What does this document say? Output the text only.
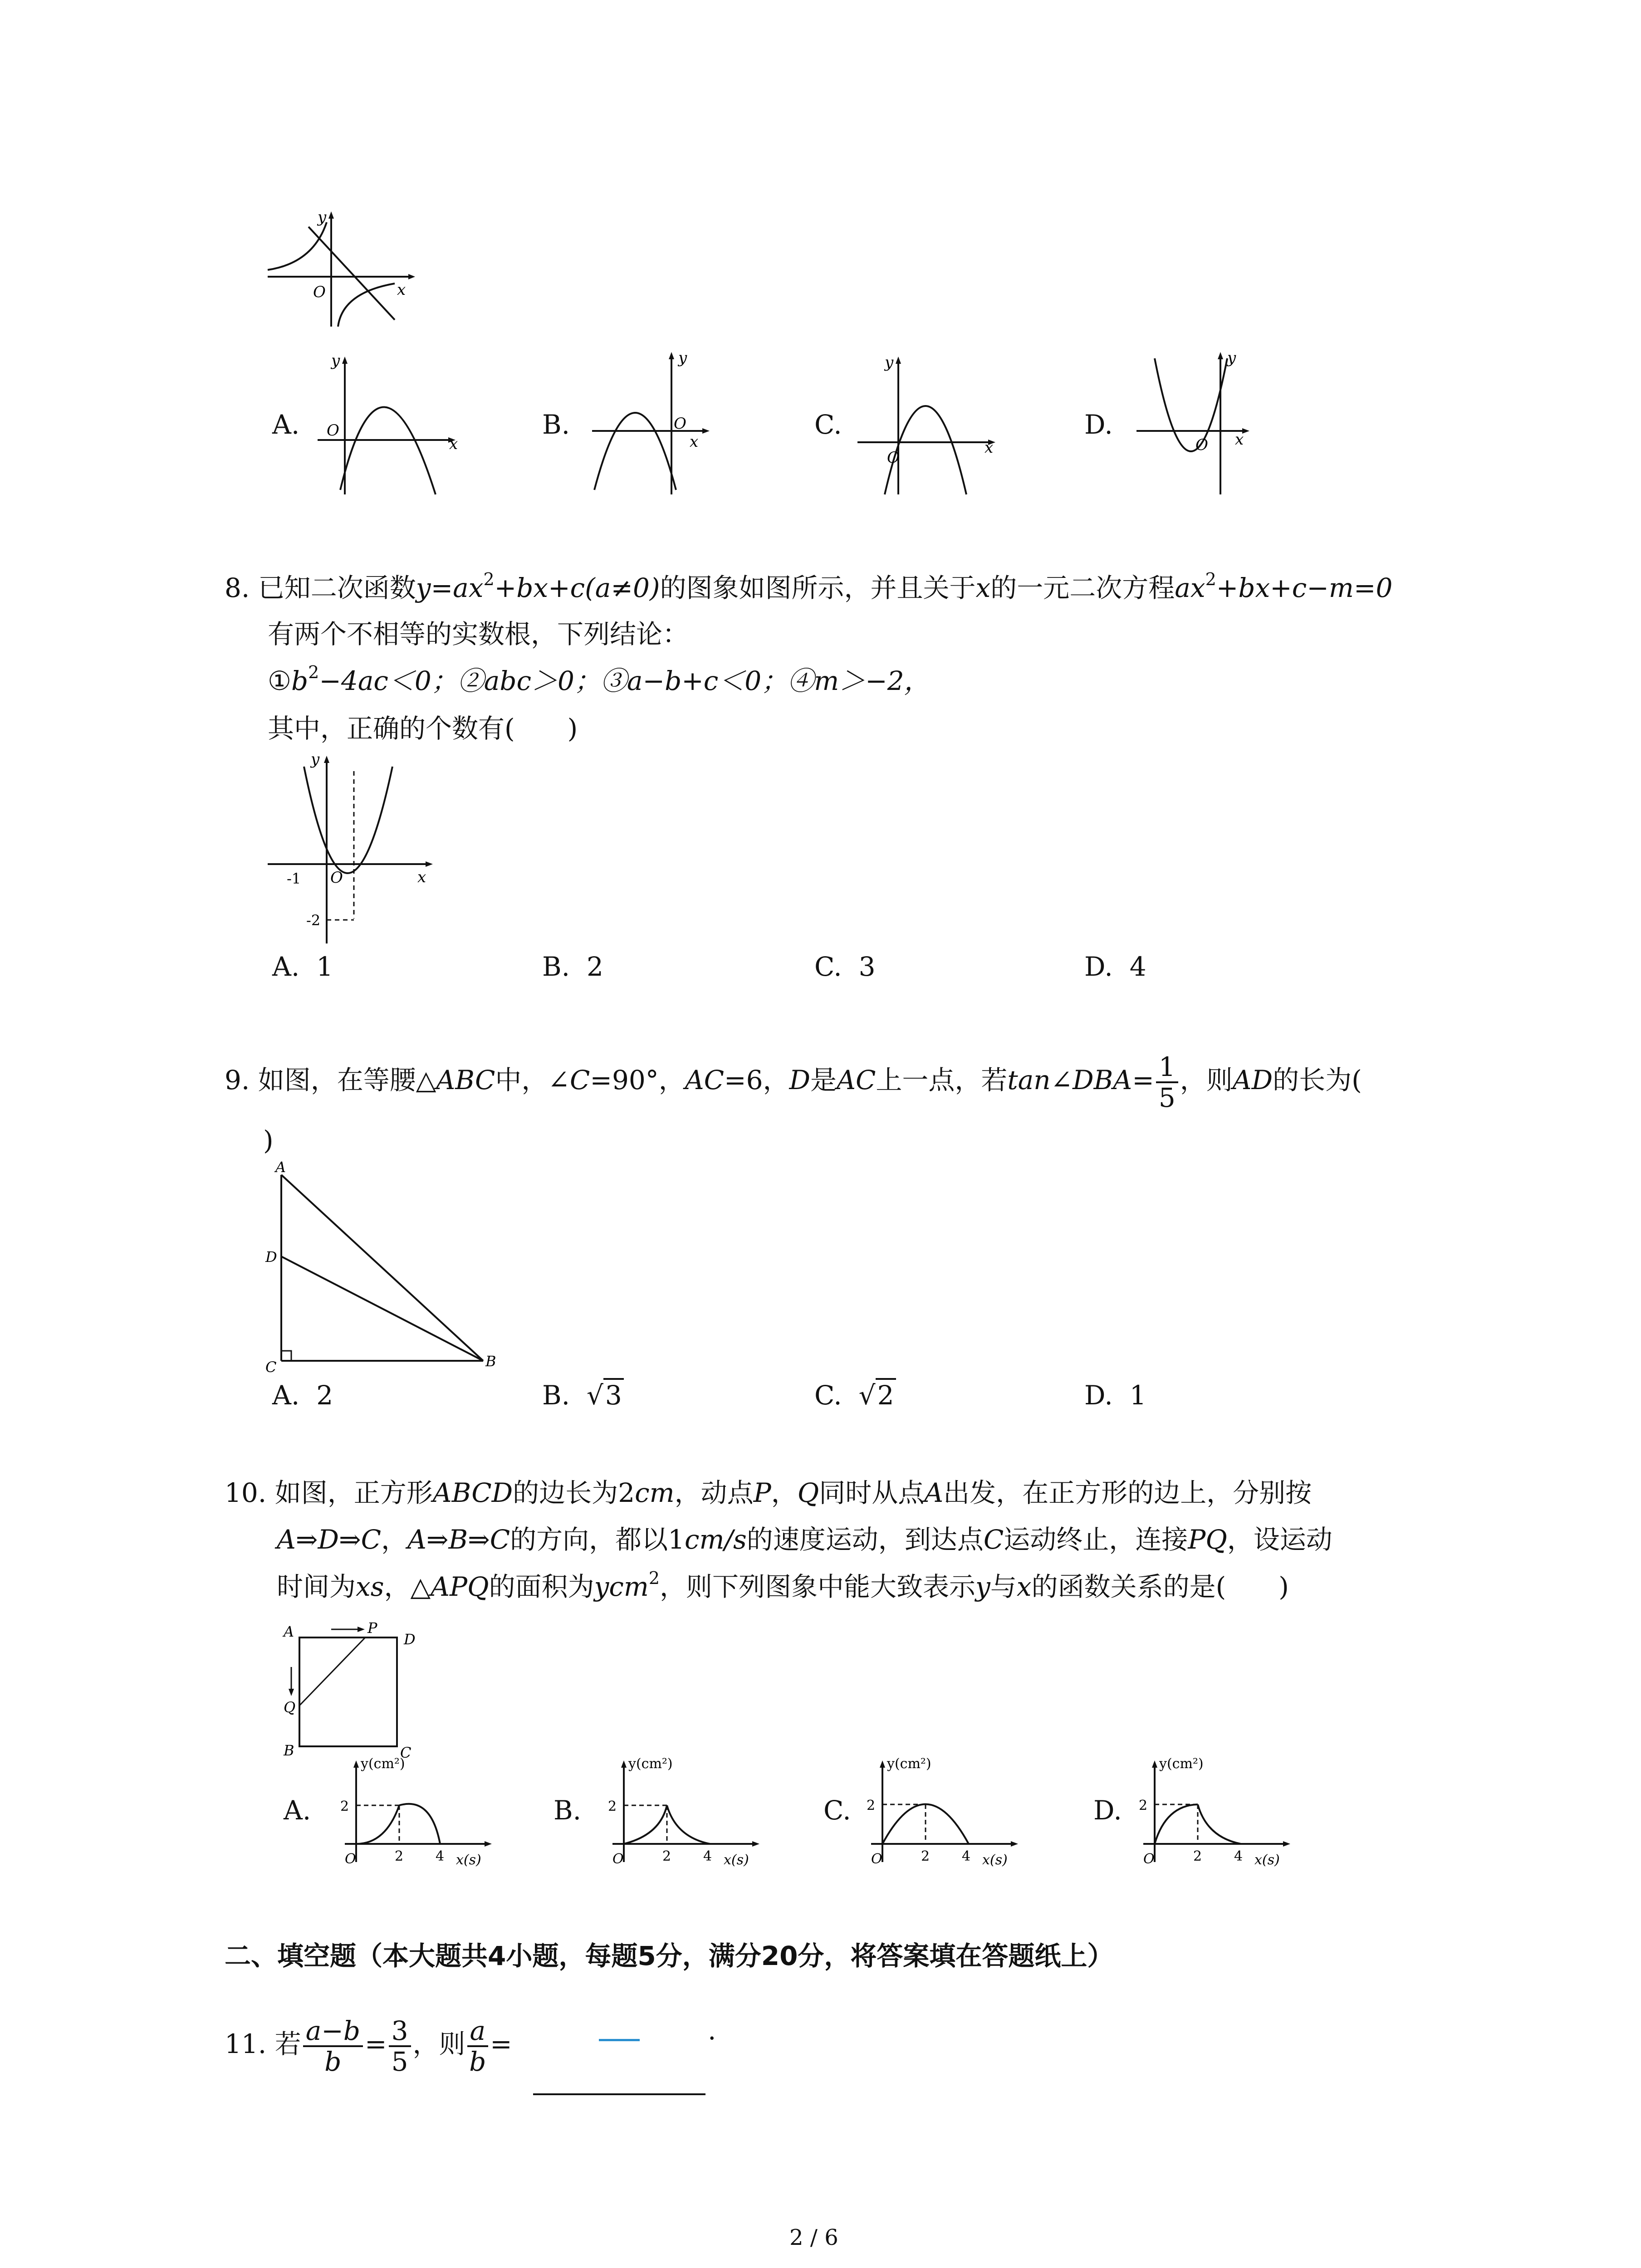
y
O	x
A.
y
O
x
B.
y
O
x
C.
y
O
x
D.
y
O x
8. 已知二次函数$y=ax^2+bx+c(a\ne 0)$的图象如图所示，并且关于x的一元二次方程$ax^2+bx+c-m=0$
有两个不相等的实数根，下列结论：
$①b^2-4ac<0$；②abc＞0；③a−b+c＜0；④m＞−2，
其中，正确的个数有(　　)
y
x
O
-1
-2
A. 1	B. 2	C. 3	D. 4
9. 如图，在等腰△ABC中，∠C=90°，AC=6，D是AC上一点，若tan∠DBA= $\frac{1}{5}$ ，则AD的长为(
)
A
D
C	B
A. 2	B. √3	C. √2	D. 1
10. 如图，正方形ABCD的边长为2cm，动点P，Q同时从点A出发，在正方形的边上，分别按
A⇒D⇒C，A⇒B⇒C的方向，都以1cm/s的速度运动，到达点C运动终止，连接PQ，设运动
时间为xs，△APQ的面积为ycm$^2$，则下列图象中能大致表示y与x的函数关系的是(　　)
A	P
D
Q
B	C
A.
y(cm²)
2
O	2 4 x(s)
B.
y(cm²)
2
O	2 4 x(s)
C.
y(cm²)
2
O	2 4 x(s)
D.
y(cm²)
2
O	2 4 x(s)
二、填空题（本大题共4小题，每题5分，满分20分，将答案填在答题纸上）
11. 若 $\frac{a-b}{b} = \frac{3}{5}$ ，则 $\frac{a}{b}$ =	.
2 / 6
